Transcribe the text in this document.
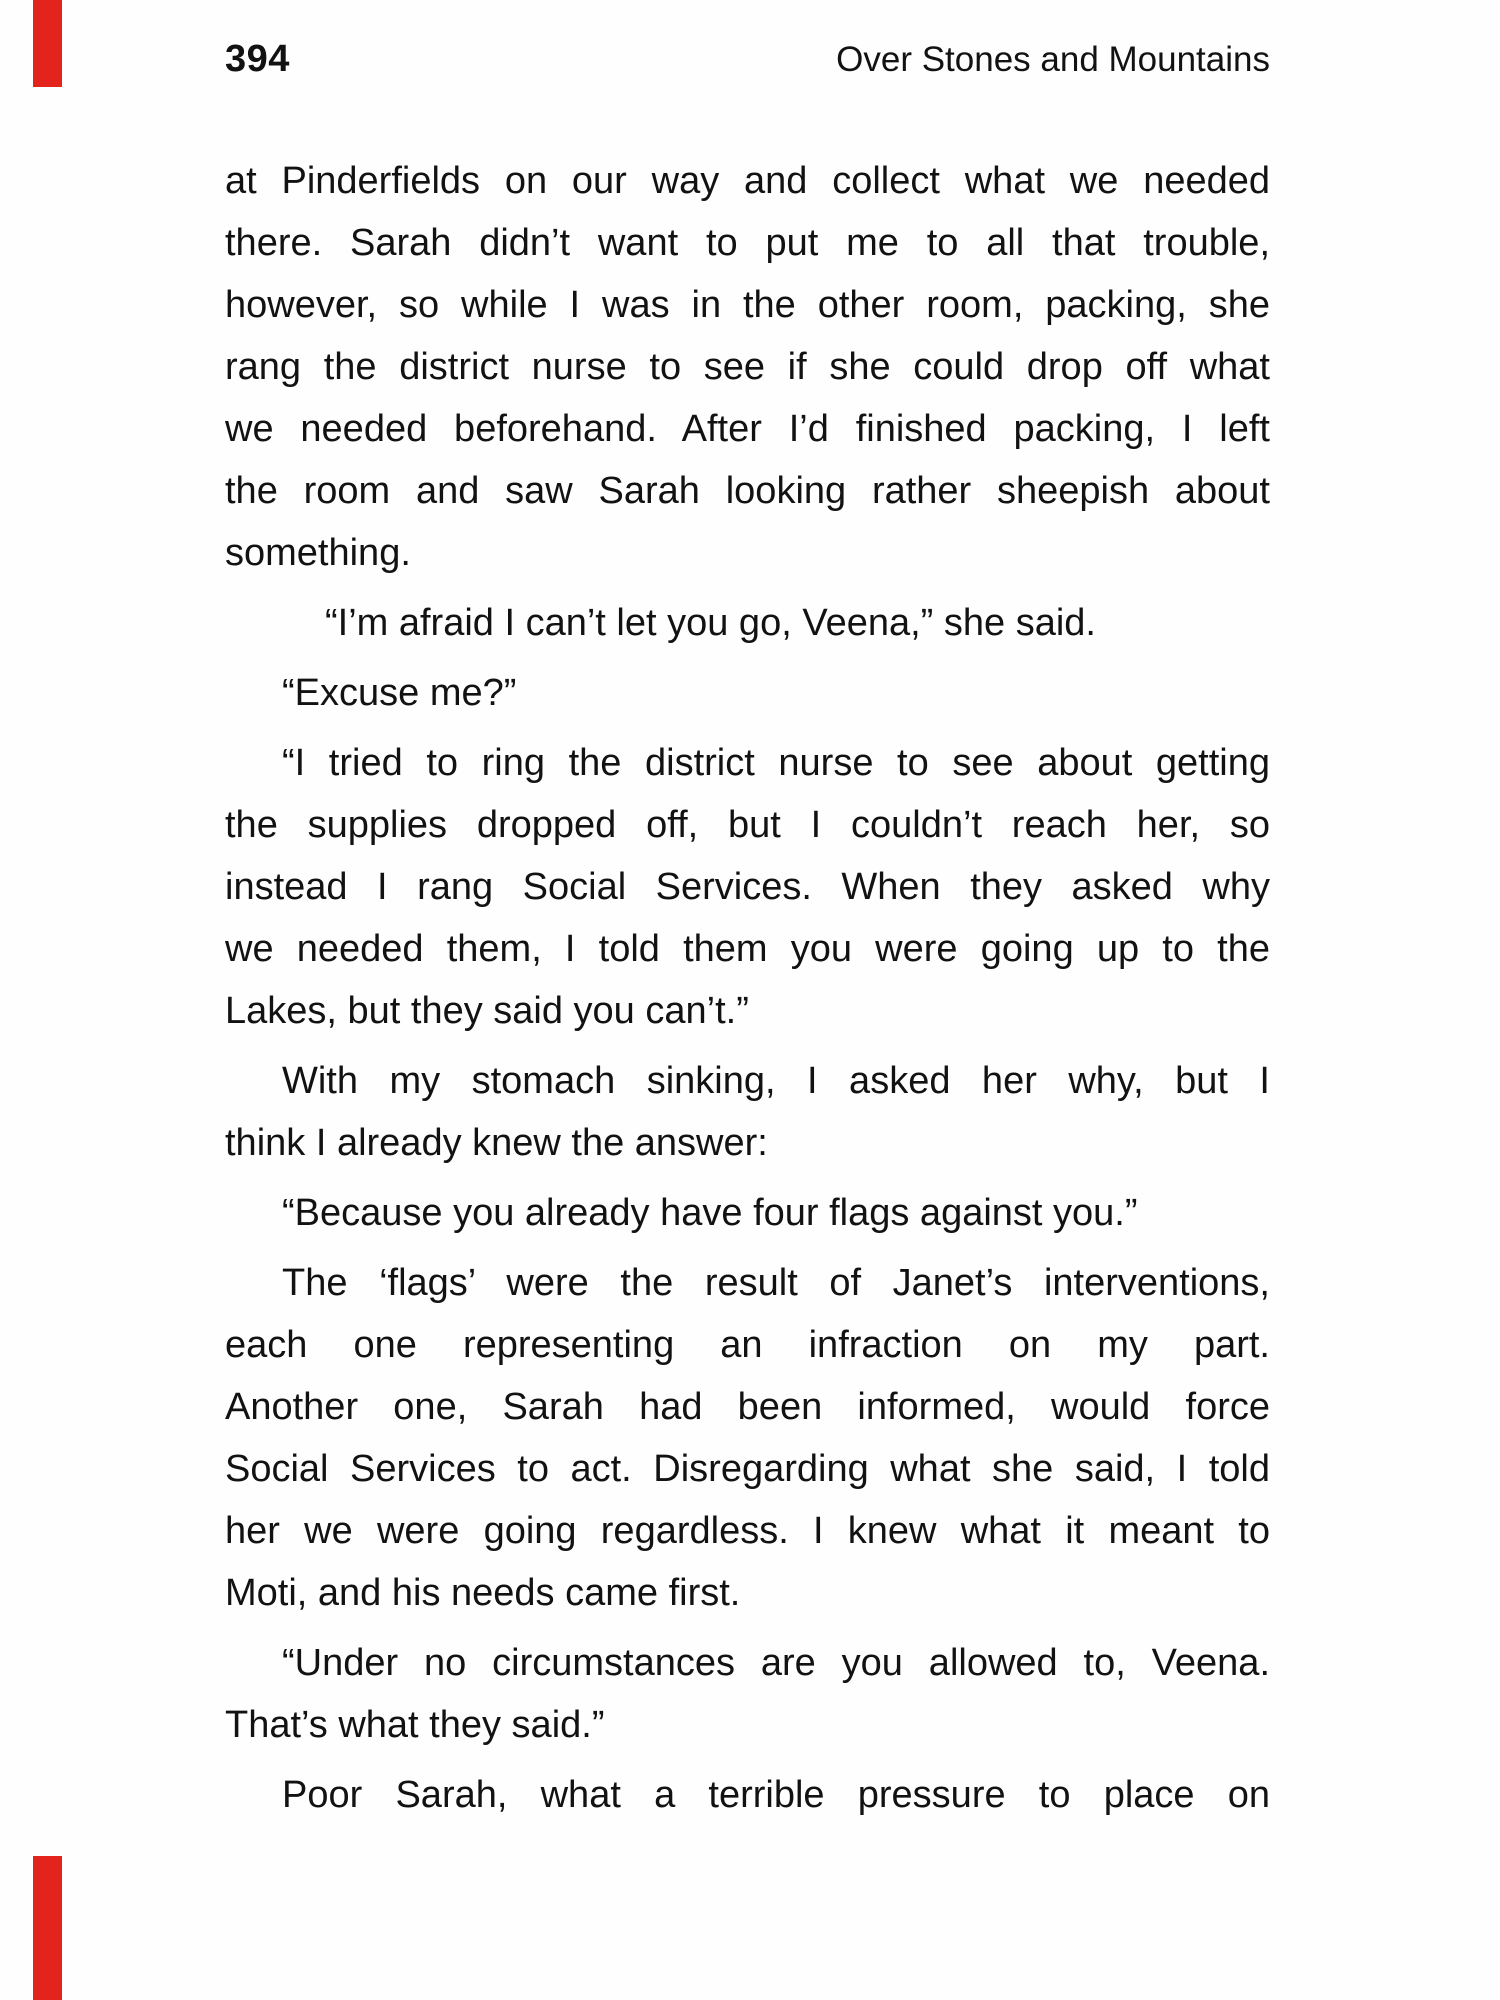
394	Over Stones and Mountains
at Pinderfields on our way and collect what we needed
there. Sarah didn’t want to put me to all that trouble,
however, so while I was in the other room, packing, she
rang the district nurse to see if she could drop off what
we needed beforehand. After I’d finished packing, I left
the room and saw Sarah looking rather sheepish about
something.
“I’m afraid I can’t let you go, Veena,” she said.
“Excuse me?”
“I tried to ring the district nurse to see about getting
the supplies dropped off, but I couldn’t reach her, so
instead I rang Social Services. When they asked why
we needed them, I told them you were going up to the
Lakes, but they said you can’t.”
With my stomach sinking, I asked her why, but I
think I already knew the answer:
“Because you already have four flags against you.”
The ‘flags’ were the result of Janet’s interventions,
each one representing an infraction on my part.
Another one, Sarah had been informed, would force
Social Services to act. Disregarding what she said, I told
her we were going regardless. I knew what it meant to
Moti, and his needs came first.
“Under no circumstances are you allowed to, Veena.
That’s what they said.”
Poor Sarah, what a terrible pressure to place on
